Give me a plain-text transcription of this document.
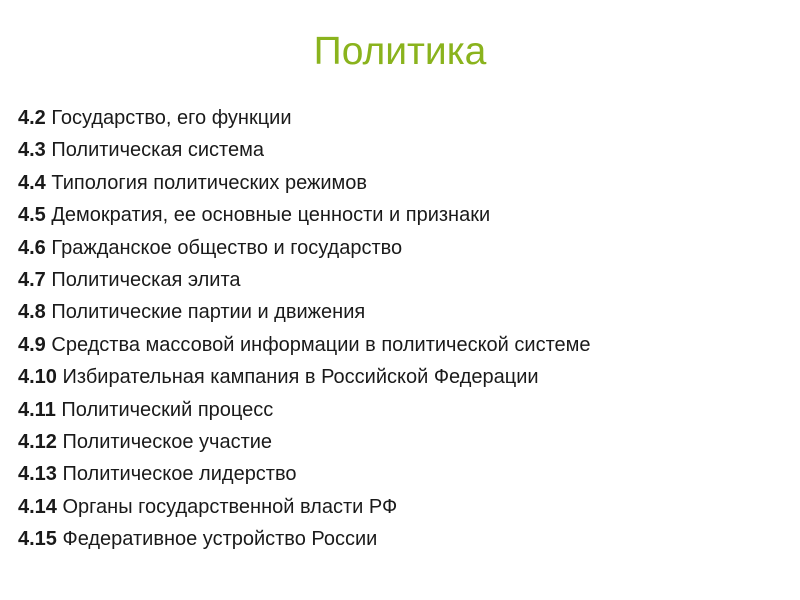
Политика
4.2 Государство, его функции
4.3 Политическая система
4.4 Типология политических режимов
4.5 Демократия, ее основные ценности и признаки
4.6 Гражданское общество и государство
4.7 Политическая элита
4.8 Политические партии и движения
4.9 Средства массовой информации в политической системе
4.10 Избирательная кампания в Российской Федерации
4.11 Политический процесс
4.12 Политическое участие
4.13 Политическое лидерство
4.14 Органы государственной власти РФ
4.15 Федеративное устройство России
